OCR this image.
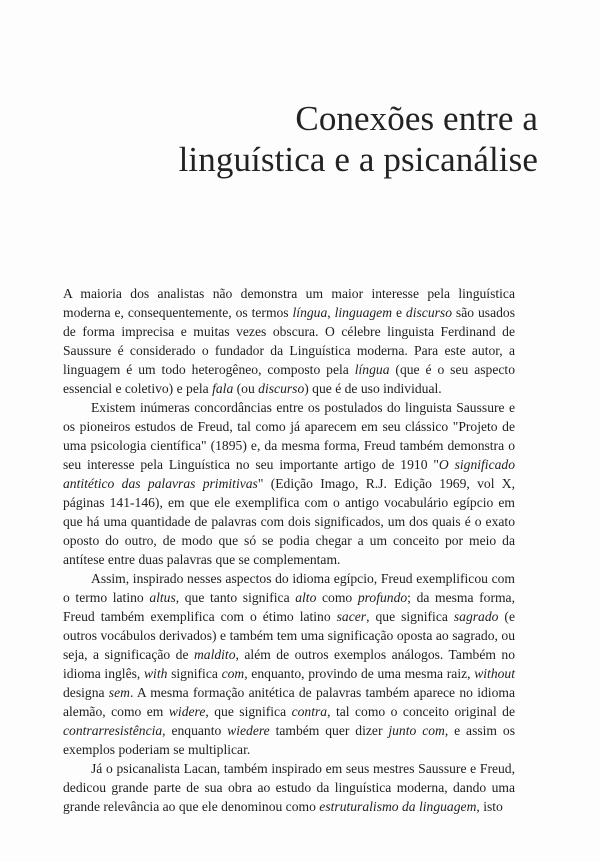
Conexões entre a
linguística e a psicanálise

A maioria dos analistas não demonstra um maior interesse pela linguística moderna e, consequentemente, os termos língua, linguagem e discurso são usados de forma imprecisa e muitas vezes obscura. O célebre linguista Ferdinand de Saussure é considerado o fundador da Linguística moderna. Para este autor, a linguagem é um todo heterogêneo, composto pela língua (que é o seu aspecto essencial e coletivo) e pela fala (ou discurso) que é de uso individual.

Existem inúmeras concordâncias entre os postulados do linguista Saussure e os pioneiros estudos de Freud, tal como já aparecem em seu clássico "Projeto de uma psicologia científica" (1895) e, da mesma forma, Freud também demonstra o seu interesse pela Linguística no seu importante artigo de 1910 "O significado antitético das palavras primitivas" (Edição Imago, R.J. Edição 1969, vol X, páginas 141-146), em que ele exemplifica com o antigo vocabulário egípcio em que há uma quantidade de palavras com dois significados, um dos quais é o exato oposto do outro, de modo que só se podia chegar a um conceito por meio da antítese entre duas palavras que se complementam.

Assim, inspirado nesses aspectos do idioma egípcio, Freud exemplificou com o termo latino altus, que tanto significa alto como profundo; da mesma forma, Freud também exemplifica com o étimo latino sacer, que significa sagrado (e outros vocábulos derivados) e também tem uma significação oposta ao sagrado, ou seja, a significação de maldito, além de outros exemplos análogos. Também no idioma inglês, with significa com, enquanto, provindo de uma mesma raiz, without designa sem. A mesma formação anitética de palavras também aparece no idioma alemão, como em widere, que significa contra, tal como o conceito original de contrarresistência, enquanto wiedere também quer dizer junto com, e assim os exemplos poderiam se multiplicar.

Já o psicanalista Lacan, também inspirado em seus mestres Saussure e Freud, dedicou grande parte de sua obra ao estudo da linguística moderna, dando uma grande relevância ao que ele denominou como estruturalismo da linguagem, isto
